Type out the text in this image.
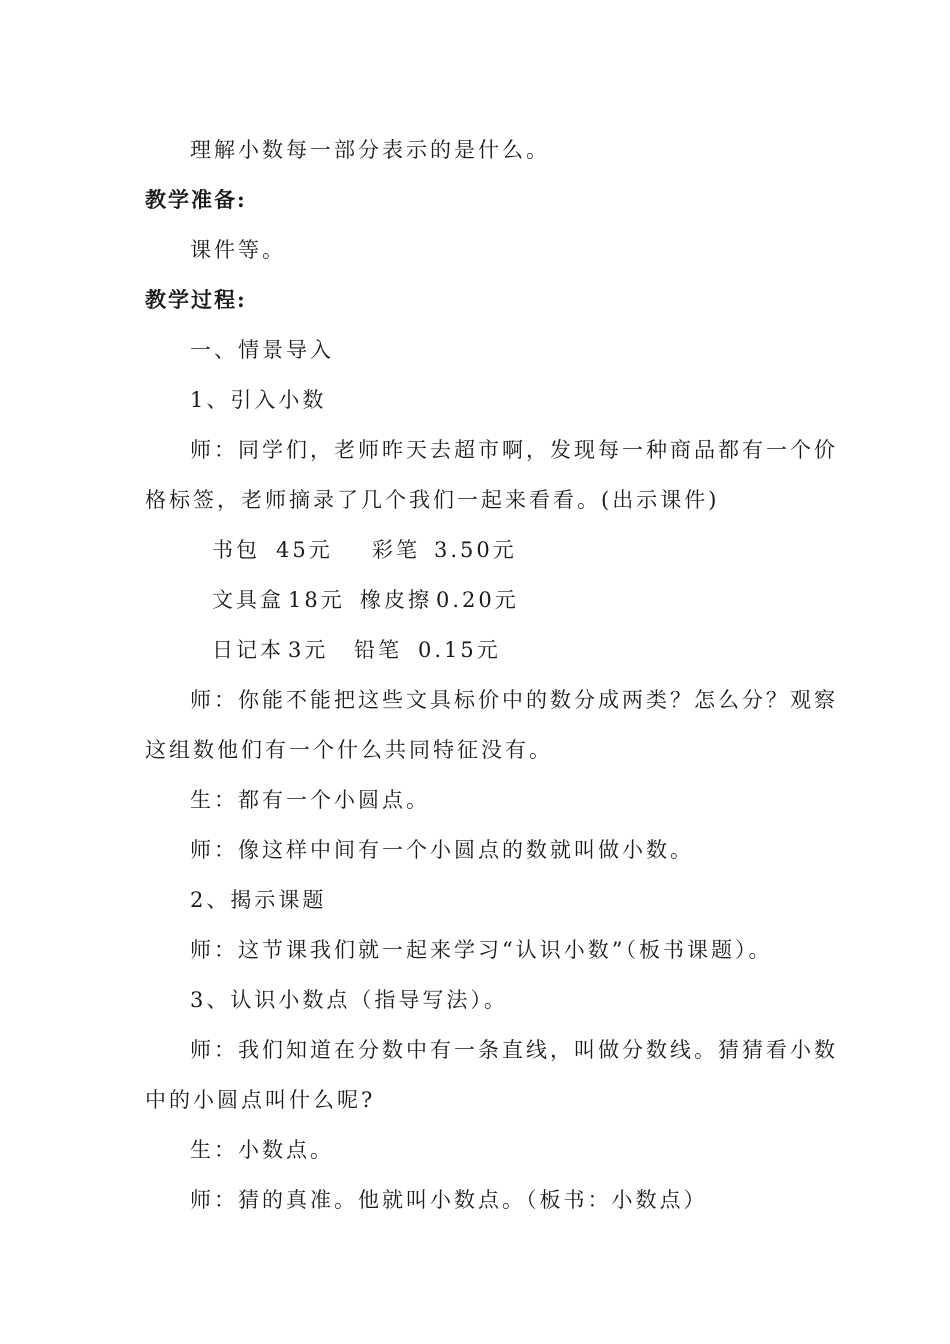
理解小数每一部分表示的是什么。
教学准备:
课件等。
教学过程:
一、情景导入
1、引入小数
师：同学们，老师昨天去超市啊，发现每一种商品都有一个价
格标签，老师摘录了几个我们一起来看看。(出示课件)
书包 45元 彩笔 3.50元
文具盒 18元 橡皮擦 0.20元
日记本 3元 铅笔 0.15元
师：你能不能把这些文具标价中的数分成两类？怎么分？观察
这组数他们有一个什么共同特征没有。
生：都有一个小圆点。
师：像这样中间有一个小圆点的数就叫做小数。
2、揭示课题
师：这节课我们就一起来学习“认识小数”（板书课题）。
3、认识小数点（指导写法）。
师：我们知道在分数中有一条直线，叫做分数线。猜猜看小数
中的小圆点叫什么呢?
生：小数点。
师：猜的真准。他就叫小数点。（板书：小数点）
